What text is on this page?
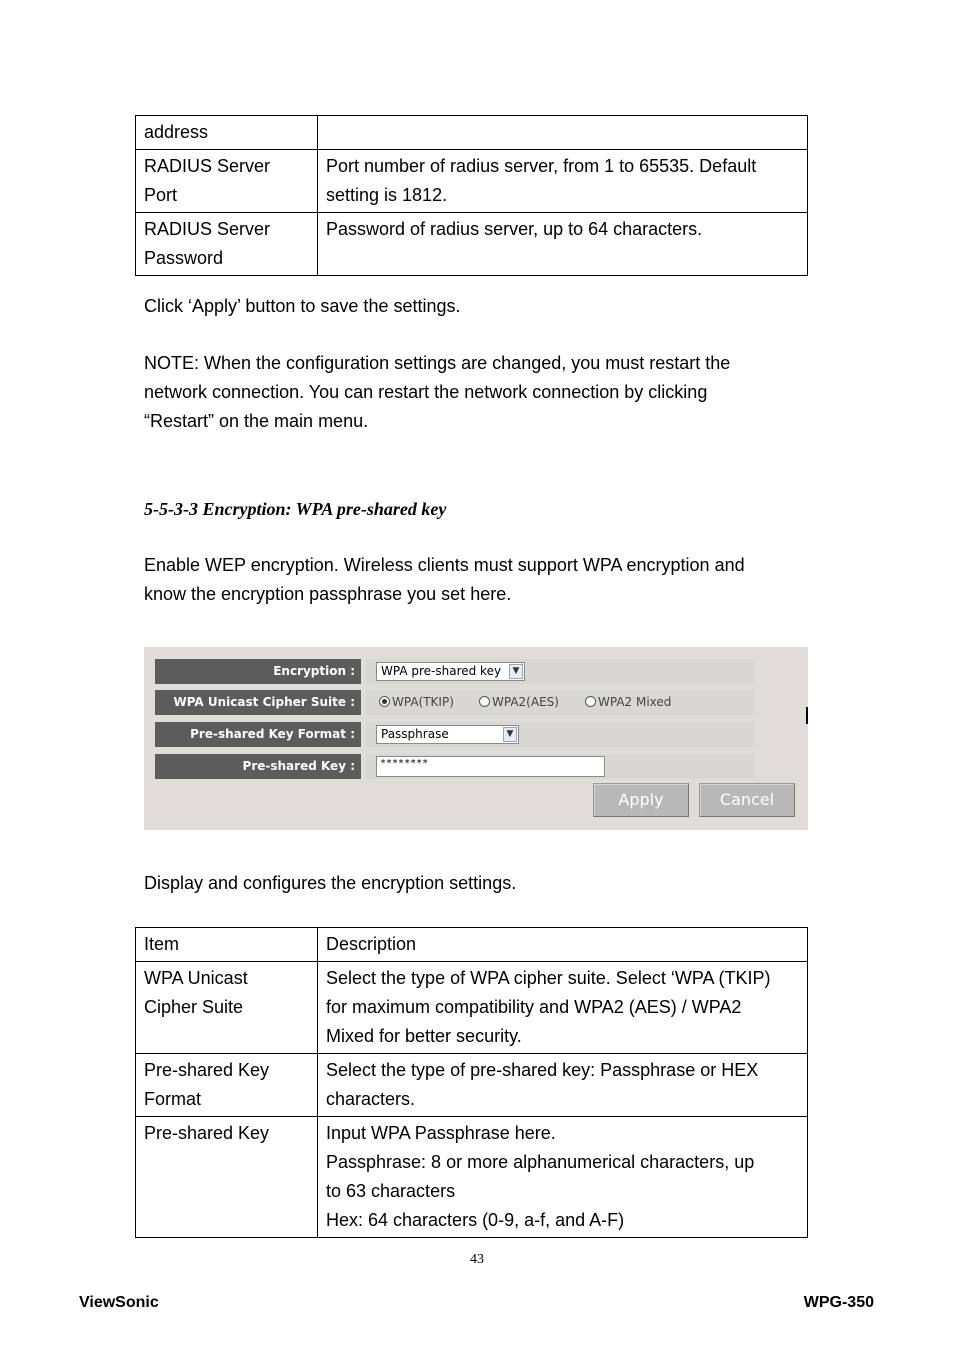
address	

RADIUS Server
Port	Port number of radius server, from 1 to 65535. Default
setting is 1812.

RADIUS Server
Password	Password of radius server, up to 64 characters.

Click ‘Apply’ button to save the settings.

NOTE: When the configuration settings are changed, you must restart the
network connection. You can restart the network connection by clicking
“Restart” on the main menu.

5-5-3-3 Encryption: WPA pre-shared key

Enable WEP encryption. Wireless clients must support WPA encryption and
know the encryption passphrase you set here.

Encryption :	WPA pre-shared key	▼
WPA Unicast Cipher Suite :	WPA(TKIP)	WPA2(AES)	WPA2 Mixed
Pre-shared Key Format :	Passphrase	▼
Pre-shared Key :	********
Apply	Cancel

Display and configures the encryption settings.

Item	Description

WPA Unicast
Cipher Suite	Select the type of WPA cipher suite. Select ‘WPA (TKIP)
for maximum compatibility and WPA2 (AES) / WPA2
Mixed for better security.

Pre-shared Key
Format	Select the type of pre-shared key: Passphrase or HEX
characters.

Pre-shared Key	Input WPA Passphrase here.
Passphrase: 8 or more alphanumerical characters, up
to 63 characters
Hex: 64 characters (0-9, a-f, and A-F)
43
ViewSonic	WPG-350
